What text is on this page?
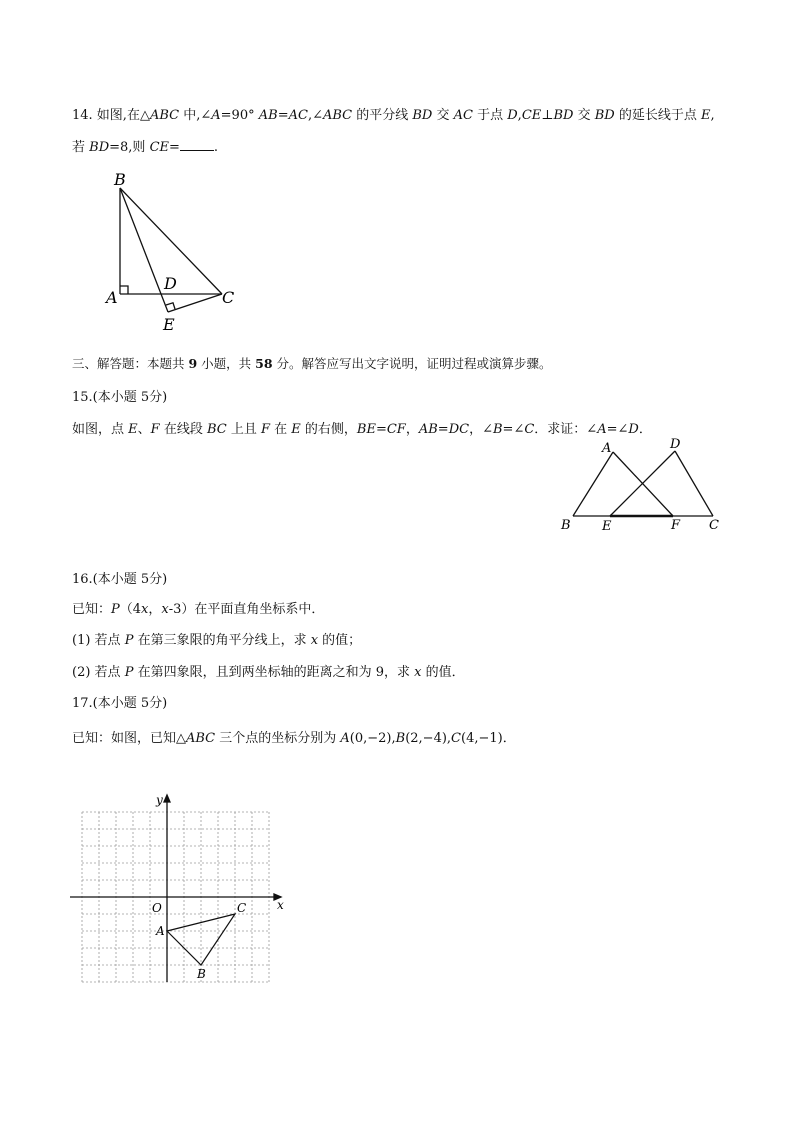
14. 如图,在△ABC 中,∠A=90° AB=AC,∠ABC 的平分线 BD 交 AC 于点 D,CE⊥BD 交 BD 的延长线于点 E,
若 BD=8,则 CE=	.
B
A
D
C
E
三、解答题：本题共 9 小题，共 58 分。解答应写出文字说明，证明过程或演算步骤。
15.(本小题 5分)
如图，点 E、F 在线段 BC 上且 F 在 E 的右侧，BE=CF，AB=DC，∠B=∠C．求证：∠A=∠D．
A	D
B E	F C
16.(本小题 5分)
已知：P（4x，x-3）在平面直角坐标系中．
(1) 若点 P 在第三象限的角平分线上，求 x 的值；
(2) 若点 P 在第四象限，且到两坐标轴的距离之和为 9，求 x 的值．
17.(本小题 5分)
已知：如图，已知△ABC 三个点的坐标分别为 A(0,−2),B(2,−4),C(4,−1)．
y
x
O
A
B
C
